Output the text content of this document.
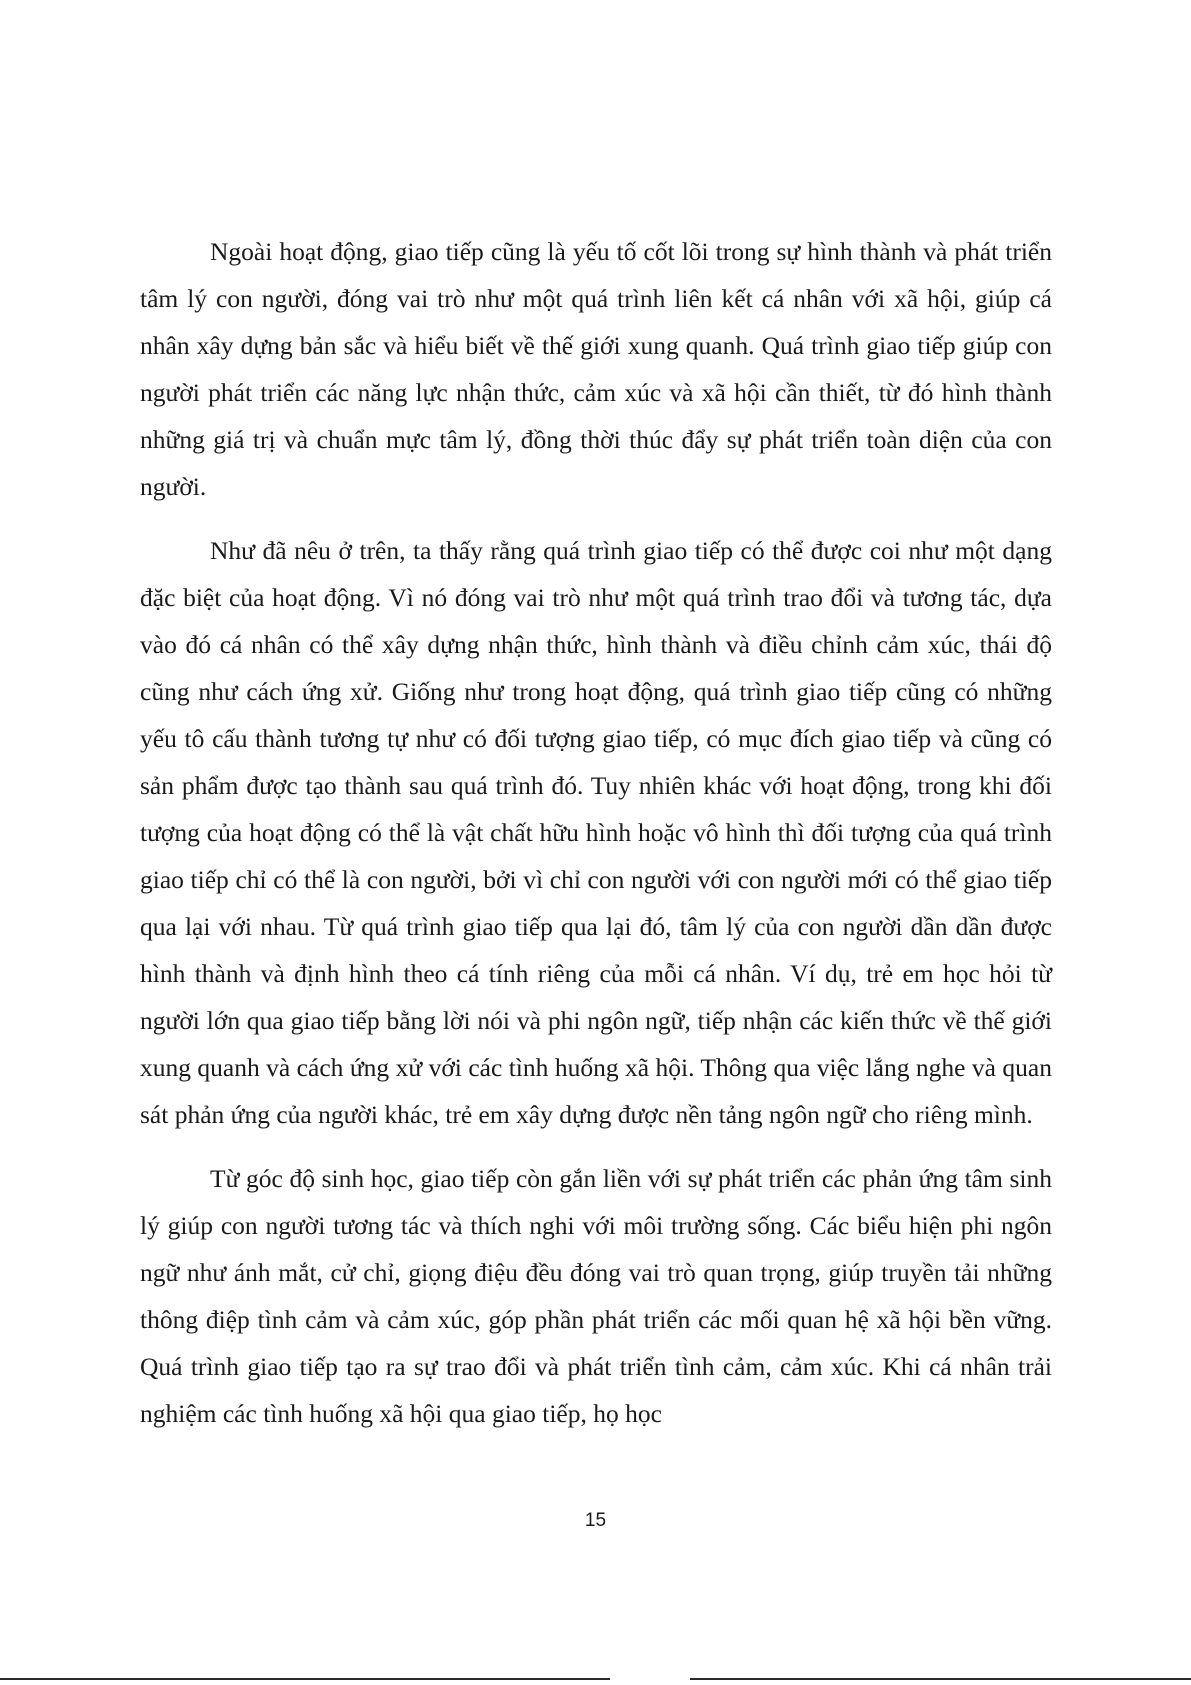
Ngoài hoạt động, giao tiếp cũng là yếu tố cốt lõi trong sự hình thành và phát triển tâm lý con người, đóng vai trò như một quá trình liên kết cá nhân với xã hội, giúp cá nhân xây dựng bản sắc và hiểu biết về thế giới xung quanh. Quá trình giao tiếp giúp con người phát triển các năng lực nhận thức, cảm xúc và xã hội cần thiết, từ đó hình thành những giá trị và chuẩn mực tâm lý, đồng thời thúc đẩy sự phát triển toàn diện của con người.

Như đã nêu ở trên, ta thấy rằng quá trình giao tiếp có thể được coi như một dạng đặc biệt của hoạt động. Vì nó đóng vai trò như một quá trình trao đổi và tương tác, dựa vào đó cá nhân có thể xây dựng nhận thức, hình thành và điều chỉnh cảm xúc, thái độ cũng như cách ứng xử. Giống như trong hoạt động, quá trình giao tiếp cũng có những yếu tô cấu thành tương tự như có đối tượng giao tiếp, có mục đích giao tiếp và cũng có sản phẩm được tạo thành sau quá trình đó. Tuy nhiên khác với hoạt động, trong khi đối tượng của hoạt động có thể là vật chất hữu hình hoặc vô hình thì đối tượng của quá trình giao tiếp chỉ có thể là con người, bởi vì chỉ con người với con người mới có thể giao tiếp qua lại với nhau. Từ quá trình giao tiếp qua lại đó, tâm lý của con người dần dần được hình thành và định hình theo cá tính riêng của mỗi cá nhân. Ví dụ, trẻ em học hỏi từ người lớn qua giao tiếp bằng lời nói và phi ngôn ngữ, tiếp nhận các kiến thức về thế giới xung quanh và cách ứng xử với các tình huống xã hội. Thông qua việc lắng nghe và quan sát phản ứng của người khác, trẻ em xây dựng được nền tảng ngôn ngữ cho riêng mình.

Từ góc độ sinh học, giao tiếp còn gắn liền với sự phát triển các phản ứng tâm sinh lý giúp con người tương tác và thích nghi với môi trường sống. Các biểu hiện phi ngôn ngữ như ánh mắt, cử chỉ, giọng điệu đều đóng vai trò quan trọng, giúp truyền tải những thông điệp tình cảm và cảm xúc, góp phần phát triển các mối quan hệ xã hội bền vững. Quá trình giao tiếp tạo ra sự trao đổi và phát triển tình cảm, cảm xúc. Khi cá nhân trải nghiệm các tình huống xã hội qua giao tiếp, họ học

15
